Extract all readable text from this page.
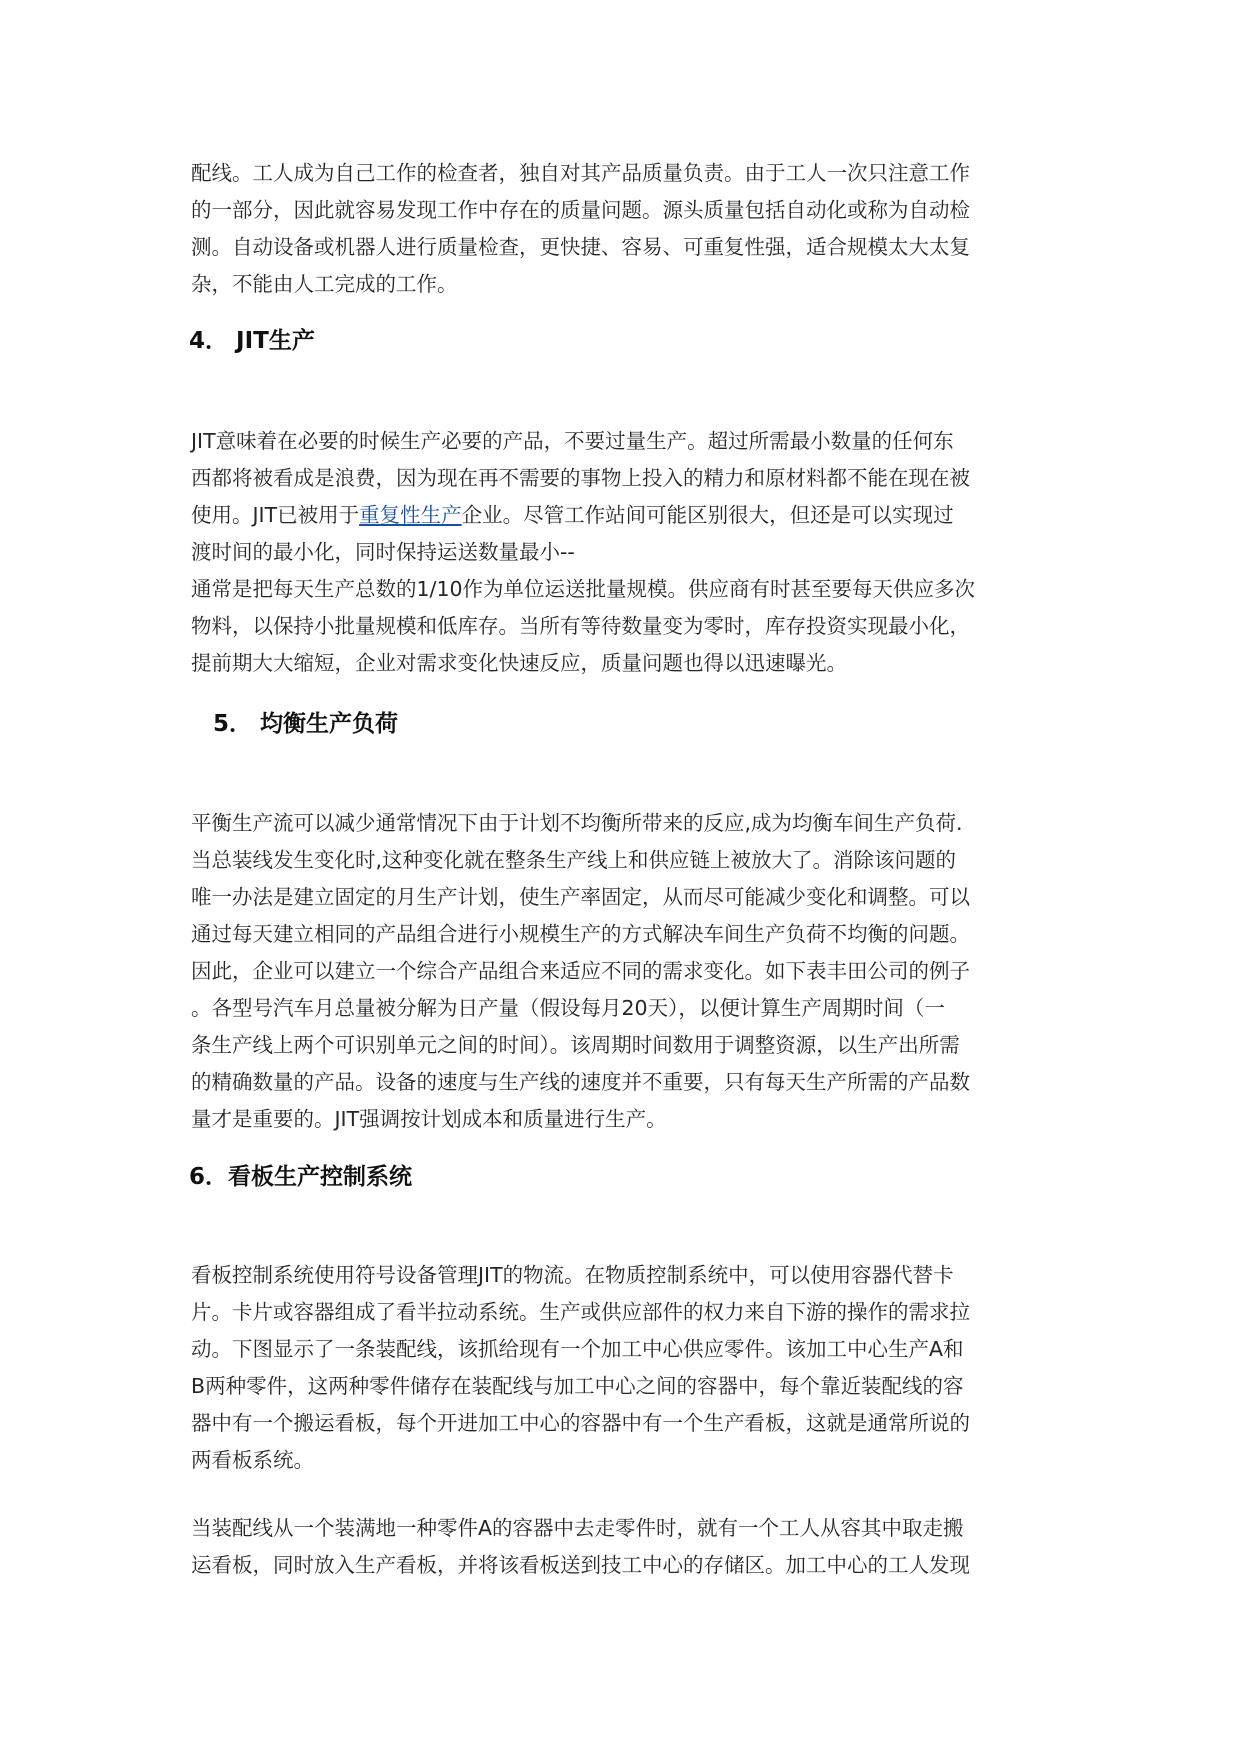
配线。工人成为自己工作的检查者，独自对其产品质量负责。由于工人一次只注意工作
的一部分，因此就容易发现工作中存在的质量问题。源头质量包括自动化或称为自动检
测。自动设备或机器人进行质量检查，更快捷、容易、可重复性强，适合规模太大太复
杂，不能由人工完成的工作。
4． JIT生产
JIT意味着在必要的时候生产必要的产品，不要过量生产。超过所需最小数量的任何东
西都将被看成是浪费，因为现在再不需要的事物上投入的精力和原材料都不能在现在被
使用。JIT已被用于重复性生产企业。尽管工作站间可能区别很大，但还是可以实现过
渡时间的最小化，同时保持运送数量最小--
通常是把每天生产总数的1/10作为单位运送批量规模。供应商有时甚至要每天供应多次
物料，以保持小批量规模和低库存。当所有等待数量变为零时，库存投资实现最小化，
提前期大大缩短，企业对需求变化快速反应，质量问题也得以迅速曝光。
5． 均衡生产负荷
平衡生产流可以减少通常情况下由于计划不均衡所带来的反应,成为均衡车间生产负荷.
当总装线发生变化时,这种变化就在整条生产线上和供应链上被放大了。消除该问题的
唯一办法是建立固定的月生产计划，使生产率固定，从而尽可能减少变化和调整。可以
通过每天建立相同的产品组合进行小规模生产的方式解决车间生产负荷不均衡的问题。
因此，企业可以建立一个综合产品组合来适应不同的需求变化。如下表丰田公司的例子
。各型号汽车月总量被分解为日产量（假设每月20天），以便计算生产周期时间（一
条生产线上两个可识别单元之间的时间）。该周期时间数用于调整资源，以生产出所需
的精确数量的产品。设备的速度与生产线的速度并不重要，只有每天生产所需的产品数
量才是重要的。JIT强调按计划成本和质量进行生产。
6．看板生产控制系统
看板控制系统使用符号设备管理JIT的物流。在物质控制系统中，可以使用容器代替卡
片。卡片或容器组成了看半拉动系统。生产或供应部件的权力来自下游的操作的需求拉
动。下图显示了一条装配线，该抓给现有一个加工中心供应零件。该加工中心生产A和
B两种零件，这两种零件储存在装配线与加工中心之间的容器中，每个靠近装配线的容
器中有一个搬运看板，每个开进加工中心的容器中有一个生产看板，这就是通常所说的
两看板系统。
当装配线从一个装满地一种零件A的容器中去走零件时，就有一个工人从容其中取走搬
运看板，同时放入生产看板，并将该看板送到技工中心的存储区。加工中心的工人发现
